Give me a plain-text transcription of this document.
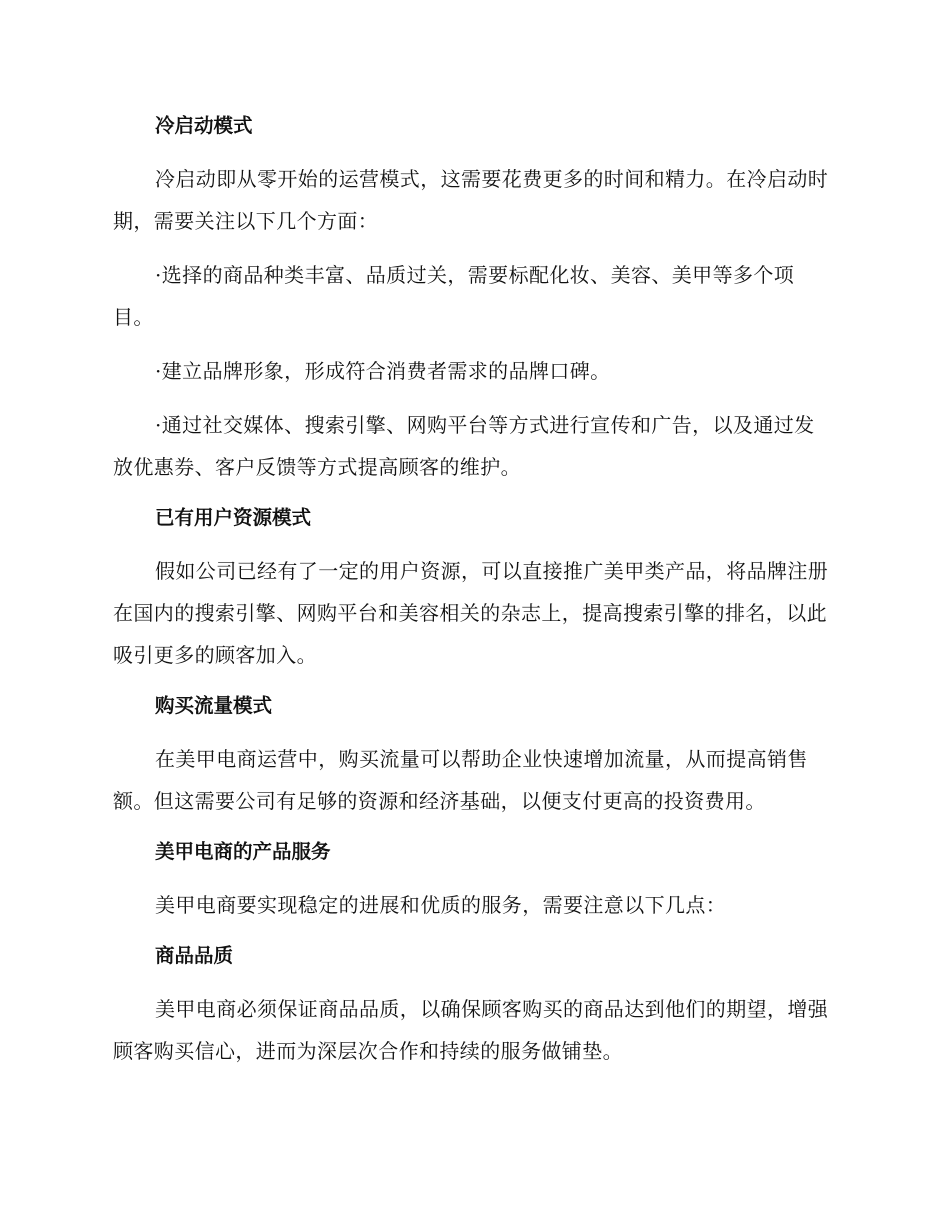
冷启动模式

冷启动即从零开始的运营模式，这需要花费更多的时间和精力。在冷启动时期，需要关注以下几个方面：

·选择的商品种类丰富、品质过关，需要标配化妆、美容、美甲等多个项目。

·建立品牌形象，形成符合消费者需求的品牌口碑。

·通过社交媒体、搜索引擎、网购平台等方式进行宣传和广告，以及通过发放优惠券、客户反馈等方式提高顾客的维护。

已有用户资源模式

假如公司已经有了一定的用户资源，可以直接推广美甲类产品，将品牌注册在国内的搜索引擎、网购平台和美容相关的杂志上，提高搜索引擎的排名，以此吸引更多的顾客加入。

购买流量模式

在美甲电商运营中，购买流量可以帮助企业快速增加流量，从而提高销售额。但这需要公司有足够的资源和经济基础，以便支付更高的投资费用。

美甲电商的产品服务

美甲电商要实现稳定的进展和优质的服务，需要注意以下几点：

商品品质

美甲电商必须保证商品品质，以确保顾客购买的商品达到他们的期望，增强顾客购买信心，进而为深层次合作和持续的服务做铺垫。
